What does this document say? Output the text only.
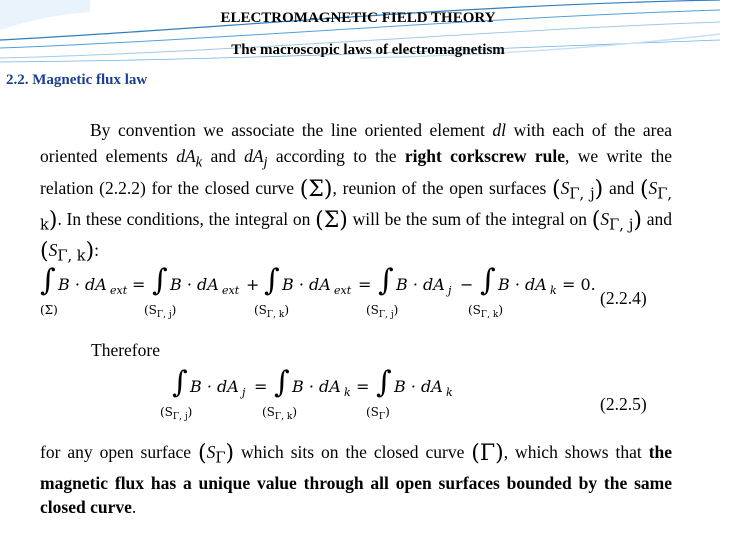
ELECTROMAGNETIC FIELD THEORY
The macroscopic laws of electromagnetism
2.2. Magnetic flux law
By convention we associate the line oriented element dl with each of the area oriented elements $dA_k$ and $dA_j$ according to the right corkscrew rule, we write the relation (2.2.2) for the closed curve (Σ), reunion of the open surfaces $(S_{\Gamma, j})$ and $(S_{\Gamma, k})$. In these conditions, the integral on (Σ) will be the sum of the integral on $(S_{\Gamma, j})$ and $(S_{\Gamma, k})$:
∫ B · dA ext
(Σ)
= ∫ B · dA ext
$(S_{\Gamma, j})$
+ ∫ B · dA ext
$(S_{\Gamma, k})$
= ∫ B · dA j
$(S_{\Gamma, j})$
− ∫ B · dA k
$(S_{\Gamma, k})$
= 0.
(2.2.4)
Therefore
∫ B · dA j
$(S_{\Gamma, j})$
= ∫ B · dA k
$(S_{\Gamma, k})$
= ∫ B · dA k
$(S_\Gamma)$	(2.2.5)
for any open surface $(S_\Gamma)$ which sits on the closed curve (Γ), which shows that the magnetic flux has a unique value through all open surfaces bounded by the same closed curve.
